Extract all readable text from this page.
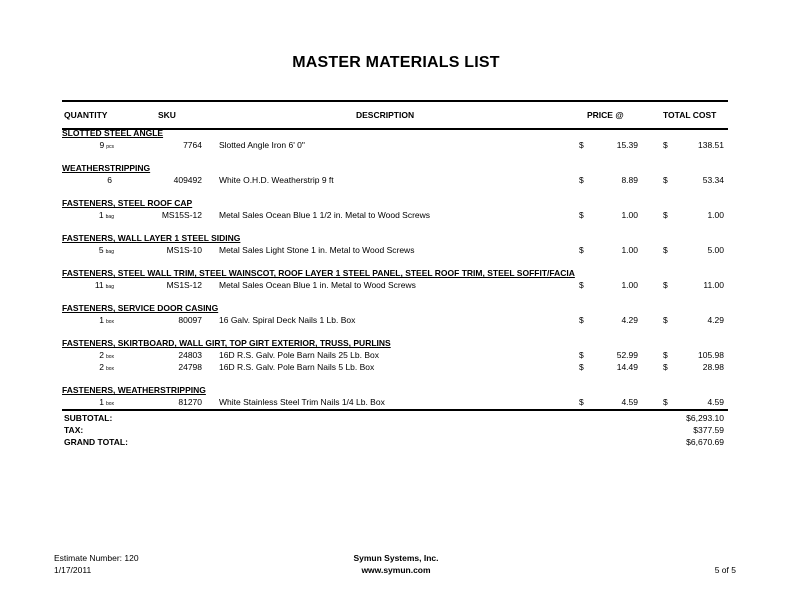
MASTER MATERIALS LIST
QUANTITY	SKU	DESCRIPTION	PRICE @	TOTAL COST
SLOTTED STEEL ANGLE
9 pcs	7764 Slotted Angle Iron 6' 0"	$	15.39	$	138.51
WEATHERSTRIPPING
6	409492 White O.H.D. Weatherstrip 9 ft	$	8.89	$	53.34
FASTENERS, STEEL ROOF CAP
1 bag	MS15S-12 Metal Sales Ocean Blue 1 1/2 in. Metal to Wood Screws	$	1.00	$	1.00
FASTENERS, WALL LAYER 1 STEEL SIDING
5 bag	MS1S-10 Metal Sales Light Stone 1 in. Metal to Wood Screws	$	1.00	$	5.00
FASTENERS, STEEL WALL TRIM, STEEL WAINSCOT, ROOF LAYER 1 STEEL PANEL, STEEL ROOF TRIM, STEEL SOFFIT/FACIA
11 bag	MS1S-12 Metal Sales Ocean Blue 1 in. Metal to Wood Screws	$	1.00	$	11.00
FASTENERS, SERVICE DOOR CASING
1 box	80097 16 Galv. Spiral Deck Nails 1 Lb. Box	$	4.29	$	4.29
FASTENERS, SKIRTBOARD, WALL GIRT, TOP GIRT EXTERIOR, TRUSS, PURLINS
2 box	24803 16D R.S. Galv. Pole Barn Nails 25 Lb. Box	$	52.99	$	105.98
2 box	24798 16D R.S. Galv. Pole Barn Nails 5 Lb. Box	$	14.49	$	28.98
FASTENERS, WEATHERSTRIPPING
1 box	81270 White Stainless Steel Trim Nails 1/4 Lb. Box	$	4.59	$	4.59
SUBTOTAL:	$6,293.10
TAX:	$377.59
GRAND TOTAL:	$6,670.69
Estimate Number: 120
1/17/2011
Symun Systems, Inc.
www.symun.com	5 of 5
